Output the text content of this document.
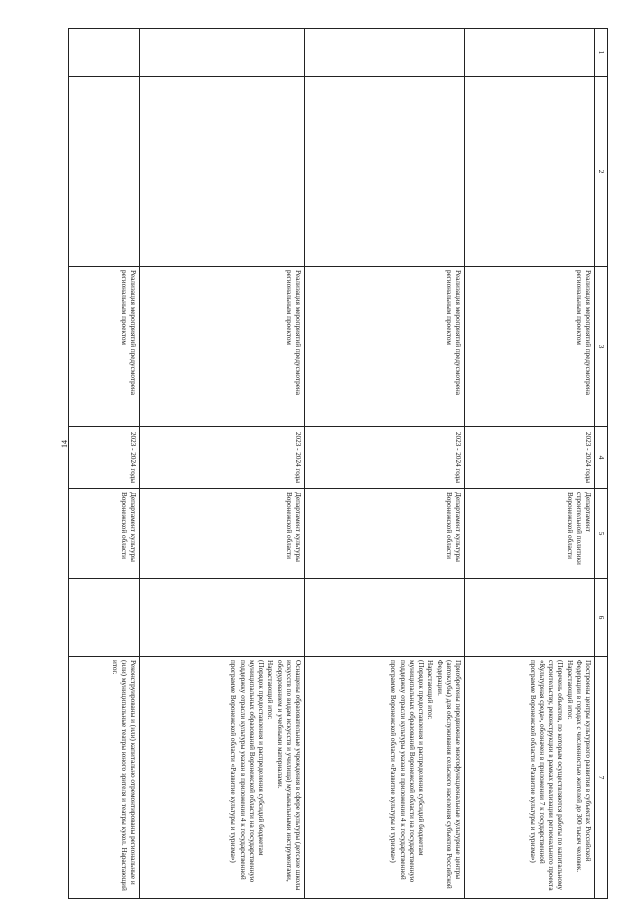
14
1	2	3	4	5	6	7
		Реализация мероприятий предусмотрена региональным проектом	2023 - 2024 годы	Департамент строительной политики Воронежской области		Построены центры культурного развития в субъектах Российской Федерации в городах с численностью жителей до 300 тысяч человек.
Нарастающий итог.
(Перечень объектов, по которым осуществляются работы по капитальному строительству, реконструкции в рамках реализации регионального проекта «Культурная среда», обозначен в приложении 7 к государственной программе Воронежской области «Развитие культуры и туризма»)

		Реализация мероприятий предусмотрена региональным проектом	2023 - 2024 годы	Департамент культуры Воронежской области		Приобретены передвижные многофункциональные культурные центры (автоклубы) для обслуживания сельского населения субъектов Российской Федерации.
Нарастающий итог.
(Порядок предоставления и распределения субсидий бюджетам муниципальных образований Воронежской области на государственную поддержку отрасли культуры указан в приложении 4 к государственной программе Воронежской области «Развитие культуры и туризма»)

		Реализация мероприятий предусмотрена региональным проектом	2023 - 2024 годы	Департамент культуры Воронежской области		Оснащены образовательные учреждения в сфере культуры (детские школы искусств по видам искусств и училища) музыкальными инструментами, оборудованием и учебными материалами.
Нарастающий итог.
(Порядок предоставления и распределения субсидий бюджетам муниципальных образований Воронежской области на государственную поддержку отрасли культуры указан в приложении 4 к государственной программе Воронежской области «Развитие культуры и туризма»)

		Реализация мероприятий предусмотрена региональным проектом	2023 - 2024 годы	Департамент культуры Воронежской области		Реконструированы и (или) капитально отремонтированы региональные и (или) муниципальные театры юного зрителя и театры кукол. Нарастающий итог.
